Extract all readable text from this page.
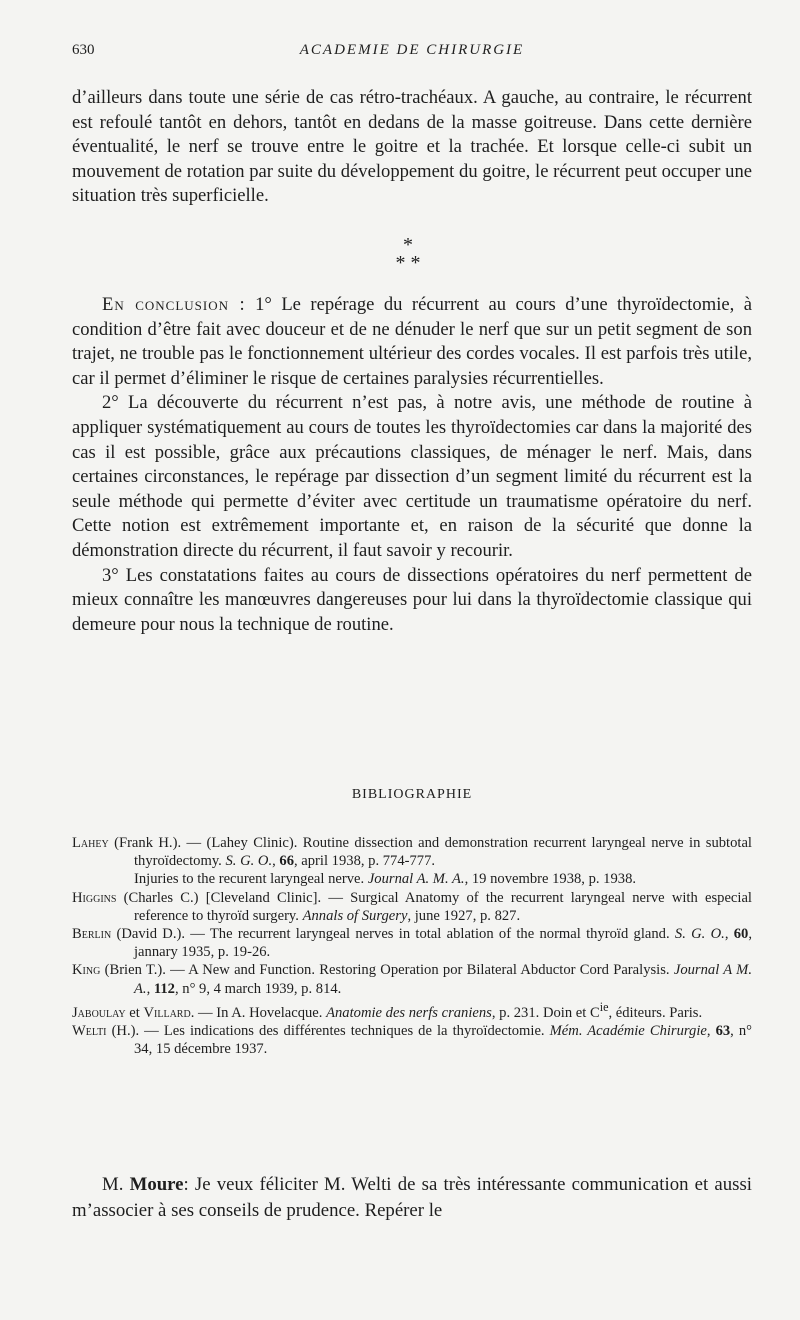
630	ACADEMIE DE CHIRURGIE

d’ailleurs dans toute une série de cas rétro-trachéaux. A gauche, au contraire, le récurrent est refoulé tantôt en dehors, tantôt en dedans de la masse goitreuse. Dans cette dernière éventualité, le nerf se trouve entre le goitre et la trachée. Et lorsque celle-ci subit un mouvement de rotation par suite du développement du goitre, le récurrent peut occuper une situation très superficielle.

*
* *

En conclusion : 1° Le repérage du récurrent au cours d’une thyroïdectomie, à condition d’être fait avec douceur et de ne dénuder le nerf que sur un petit segment de son trajet, ne trouble pas le fonctionnement ultérieur des cordes vocales. Il est parfois très utile, car il permet d’éliminer le risque de certaines paralysies récurrentielles.

2° La découverte du récurrent n’est pas, à notre avis, une méthode de routine à appliquer systématiquement au cours de toutes les thyroïdectomies car dans la majorité des cas il est possible, grâce aux précautions classiques, de ménager le nerf. Mais, dans certaines circonstances, le repérage par dissection d’un segment limité du récurrent est la seule méthode qui permette d’éviter avec certitude un traumatisme opératoire du nerf. Cette notion est extrêmement importante et, en raison de la sécurité que donne la démonstration directe du récurrent, il faut savoir y recourir.

3° Les constatations faites au cours de dissections opératoires du nerf permettent de mieux connaître les manœuvres dangereuses pour lui dans la thyroïdectomie classique qui demeure pour nous la technique de routine.

BIBLIOGRAPHIE

Lahey (Frank H.). — (Lahey Clinic). Routine dissection and demonstration recurrent laryngeal nerve in subtotal thyroïdectomy. S. G. O., 66, april 1938, p. 774-777.

Injuries to the recurent laryngeal nerve. Journal A. M. A., 19 novembre 1938, p. 1938.

Higgins (Charles C.) [Cleveland Clinic]. — Surgical Anatomy of the recurrent laryngeal nerve with especial reference to thyroïd surgery. Annals of Surgery, june 1927, p. 827.

Berlin (David D.). — The recurrent laryngeal nerves in total ablation of the normal thyroïd gland. S. G. O., 60, jannary 1935, p. 19-26.

King (Brien T.). — A New and Function. Restoring Operation por Bilateral Abductor Cord Paralysis. Journal A M. A., 112, n° 9, 4 march 1939, p. 814.

Jaboulay et Villard. — In A. Hovelacque. Anatomie des nerfs craniens, p. 231. Doin et $C^{ie}$, éditeurs. Paris.

Welti (H.). — Les indications des différentes techniques de la thyroïdectomie. Mém. Académie Chirurgie, 63, n° 34, 15 décembre 1937.

M. Moure: Je veux féliciter M. Welti de sa très intéressante communication et aussi m’associer à ses conseils de prudence. Repérer le
